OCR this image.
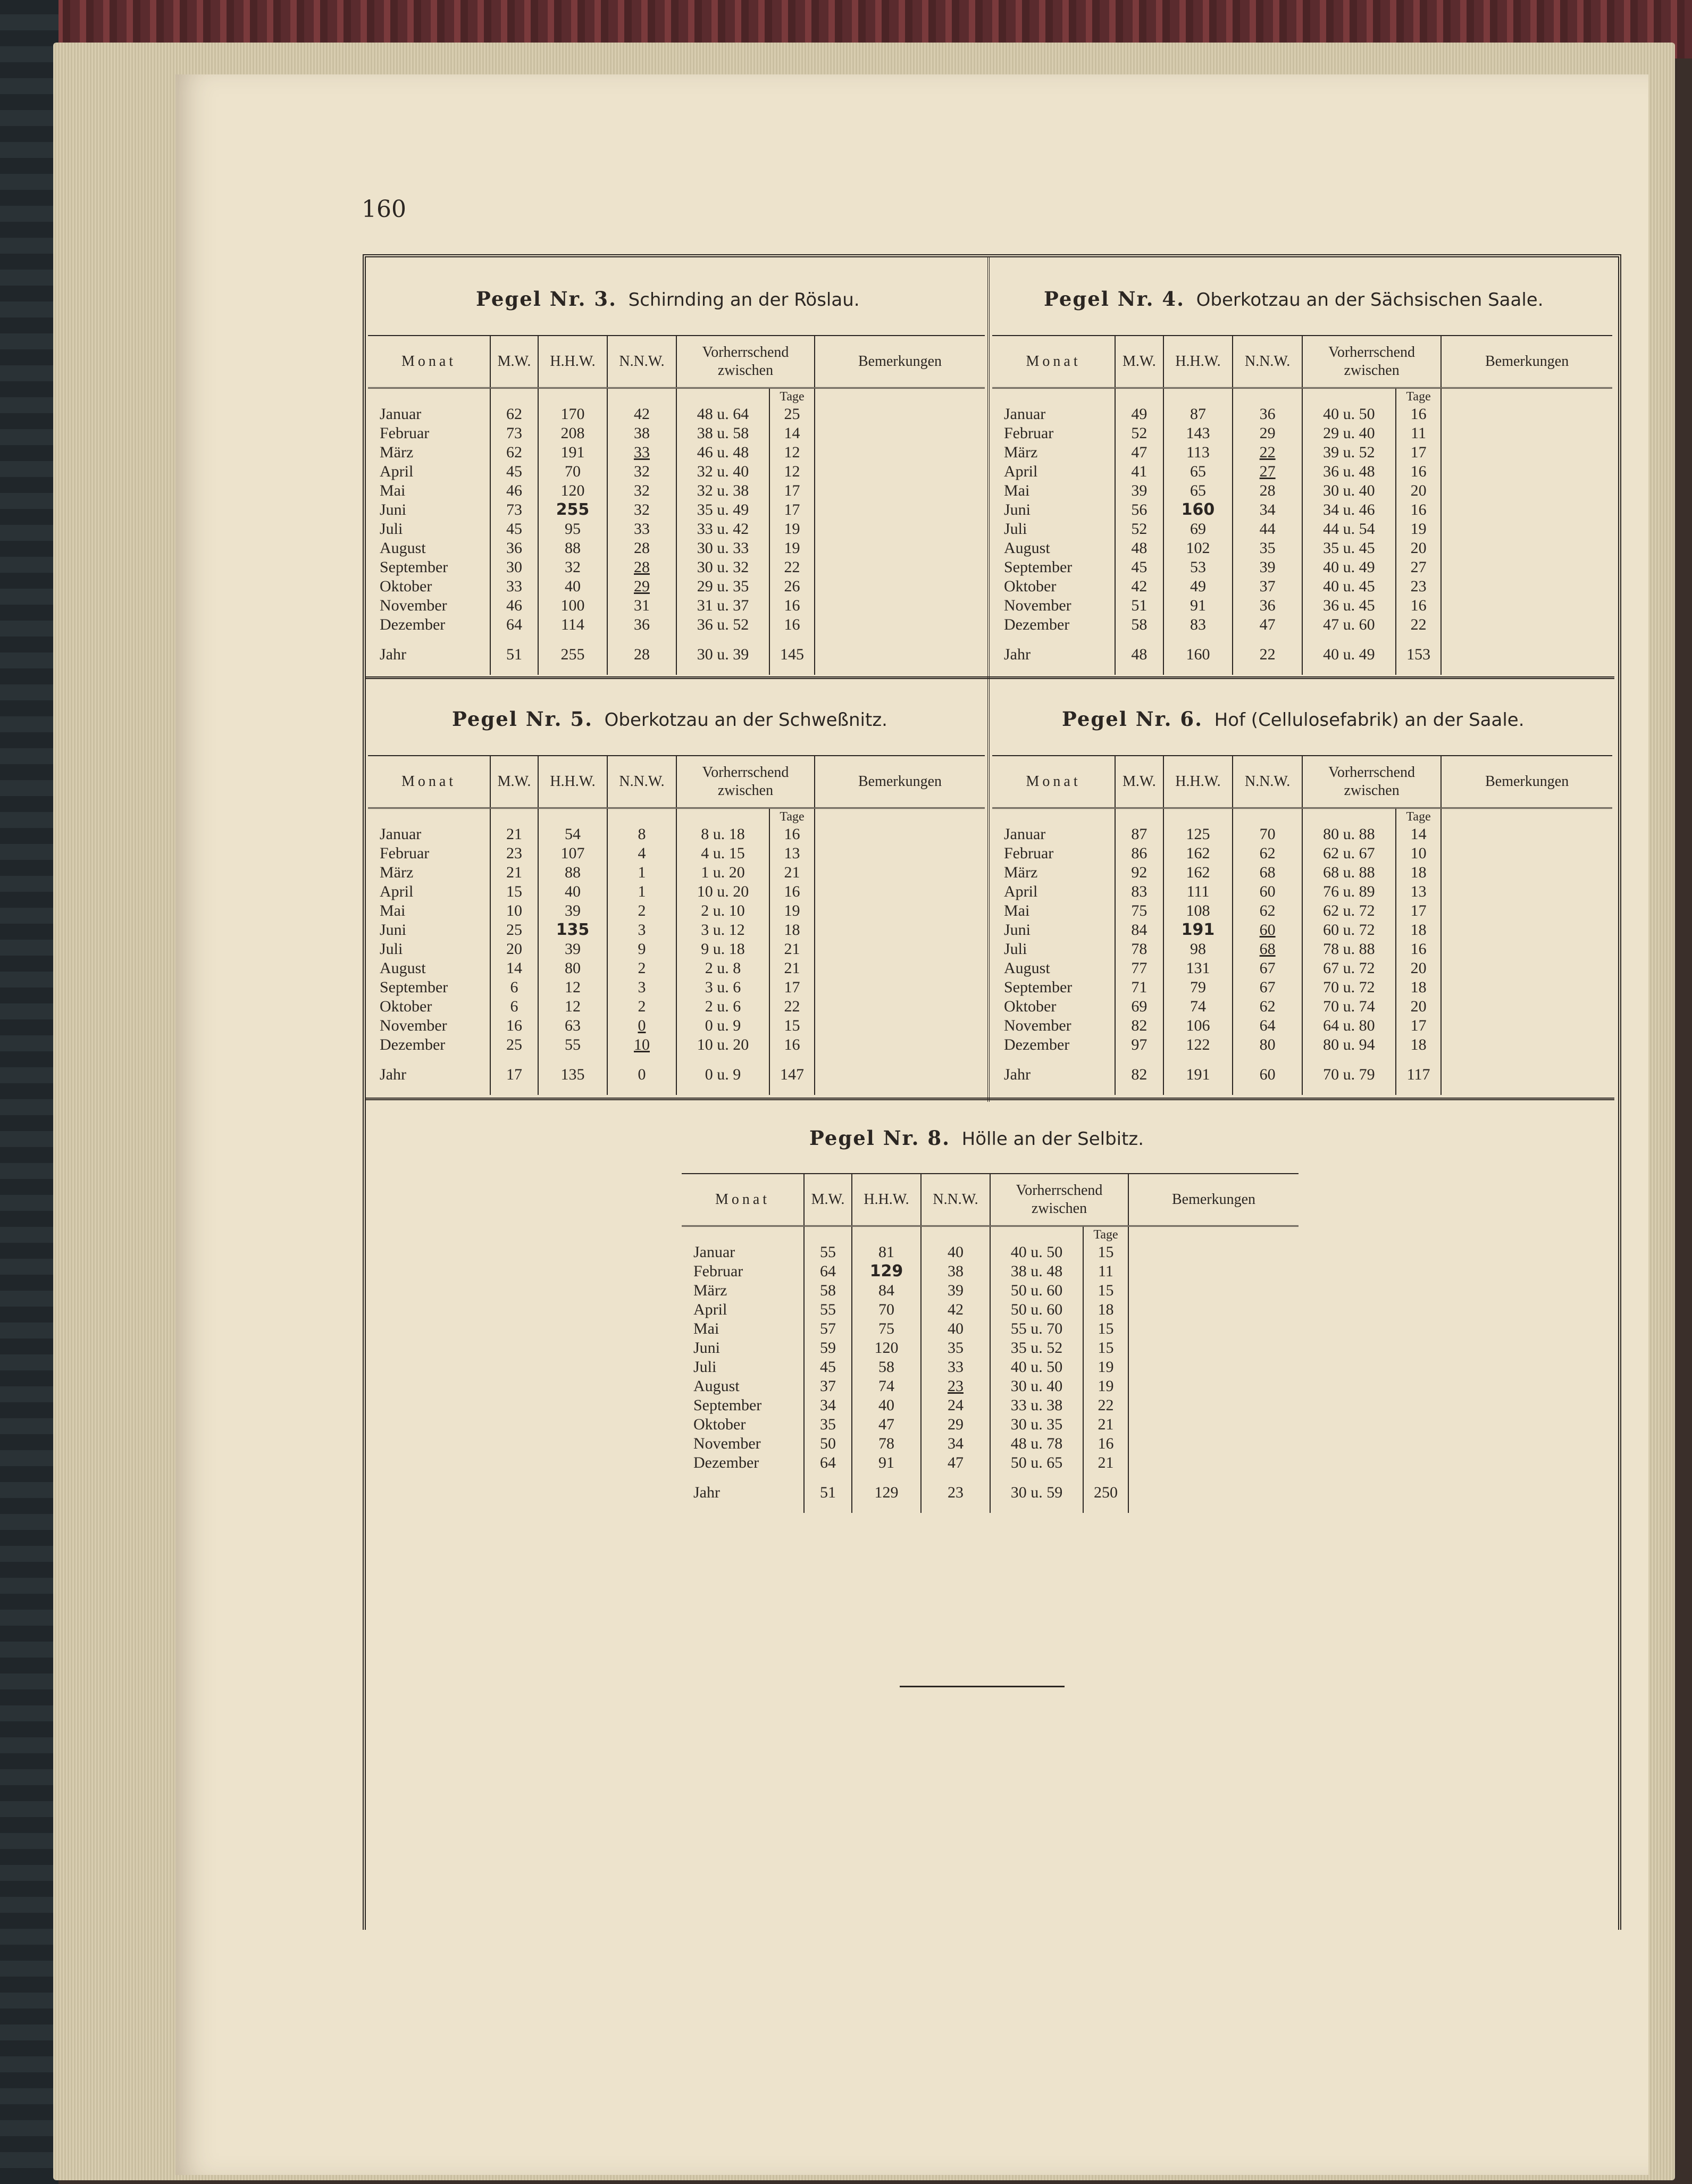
160
Pegel Nr. 3. Schirnding an der Röslau.	Pegel Nr. 4. Oberkotzau an der Sächsischen Saale.
Pegel Nr. 5. Oberkotzau an der Schweßnitz.	Pegel Nr. 6. Hof (Cellulosefabrik) an der Saale.
Pegel Nr. 8. Hölle an der Selbitz.
Monat	M.W.	H.H.W.	N.N.W.	Vorherrschend zwischen		Bemerkungen
					Tage	
Januar	62	170	42	48 u. 64	25	
Februar	73	208	38	38 u. 58	14	
März	62	191	33	46 u. 48	12	
April	45	70	32	32 u. 40	12	
Mai	46	120	32	32 u. 38	17	
Juni	73	255	32	35 u. 49	17	
Juli	45	95	33	33 u. 42	19	
August	36	88	28	30 u. 33	19	
September	30	32	28	30 u. 32	22	
Oktober	33	40	29	29 u. 35	26	
November	46	100	31	31 u. 37	16	
Dezember	64	114	36	36 u. 52	16	
Jahr	51	255	28	30 u. 39	145	
Monat	M.W.	H.H.W.	N.N.W.	Vorherrschend zwischen		Bemerkungen
					Tage	
Januar	49	87	36	40 u. 50	16	
Februar	52	143	29	29 u. 40	11	
März	47	113	22	39 u. 52	17	
April	41	65	27	36 u. 48	16	
Mai	39	65	28	30 u. 40	20	
Juni	56	160	34	34 u. 46	16	
Juli	52	69	44	44 u. 54	19	
August	48	102	35	35 u. 45	20	
September	45	53	39	40 u. 49	27	
Oktober	42	49	37	40 u. 45	23	
November	51	91	36	36 u. 45	16	
Dezember	58	83	47	47 u. 60	22	
Jahr	48	160	22	40 u. 49	153	
Monat	M.W.	H.H.W.	N.N.W.	Vorherrschend zwischen		Bemerkungen
					Tage	
Januar	21	54	8	8 u. 18	16	
Februar	23	107	4	4 u. 15	13	
März	21	88	1	1 u. 20	21	
April	15	40	1	10 u. 20	16	
Mai	10	39	2	2 u. 10	19	
Juni	25	135	3	3 u. 12	18	
Juli	20	39	9	9 u. 18	21	
August	14	80	2	2 u. 8	21	
September	6	12	3	3 u. 6	17	
Oktober	6	12	2	2 u. 6	22	
November	16	63	0	0 u. 9	15	
Dezember	25	55	10	10 u. 20	16	
Jahr	17	135	0	0 u. 9	147	
Monat	M.W.	H.H.W.	N.N.W.	Vorherrschend zwischen		Bemerkungen
					Tage	
Januar	87	125	70	80 u. 88	14	
Februar	86	162	62	62 u. 67	10	
März	92	162	68	68 u. 88	18	
April	83	111	60	76 u. 89	13	
Mai	75	108	62	62 u. 72	17	
Juni	84	191	60	60 u. 72	18	
Juli	78	98	68	78 u. 88	16	
August	77	131	67	67 u. 72	20	
September	71	79	67	70 u. 72	18	
Oktober	69	74	62	70 u. 74	20	
November	82	106	64	64 u. 80	17	
Dezember	97	122	80	80 u. 94	18	
Jahr	82	191	60	70 u. 79	117	
Monat	M.W.	H.H.W.	N.N.W.	Vorherrschend zwischen		Bemerkungen
					Tage	
Januar	55	81	40	40 u. 50	15	
Februar	64	129	38	38 u. 48	11	
März	58	84	39	50 u. 60	15	
April	55	70	42	50 u. 60	18	
Mai	57	75	40	55 u. 70	15	
Juni	59	120	35	35 u. 52	15	
Juli	45	58	33	40 u. 50	19	
August	37	74	23	30 u. 40	19	
September	34	40	24	33 u. 38	22	
Oktober	35	47	29	30 u. 35	21	
November	50	78	34	48 u. 78	16	
Dezember	64	91	47	50 u. 65	21	
Jahr	51	129	23	30 u. 59	250	
